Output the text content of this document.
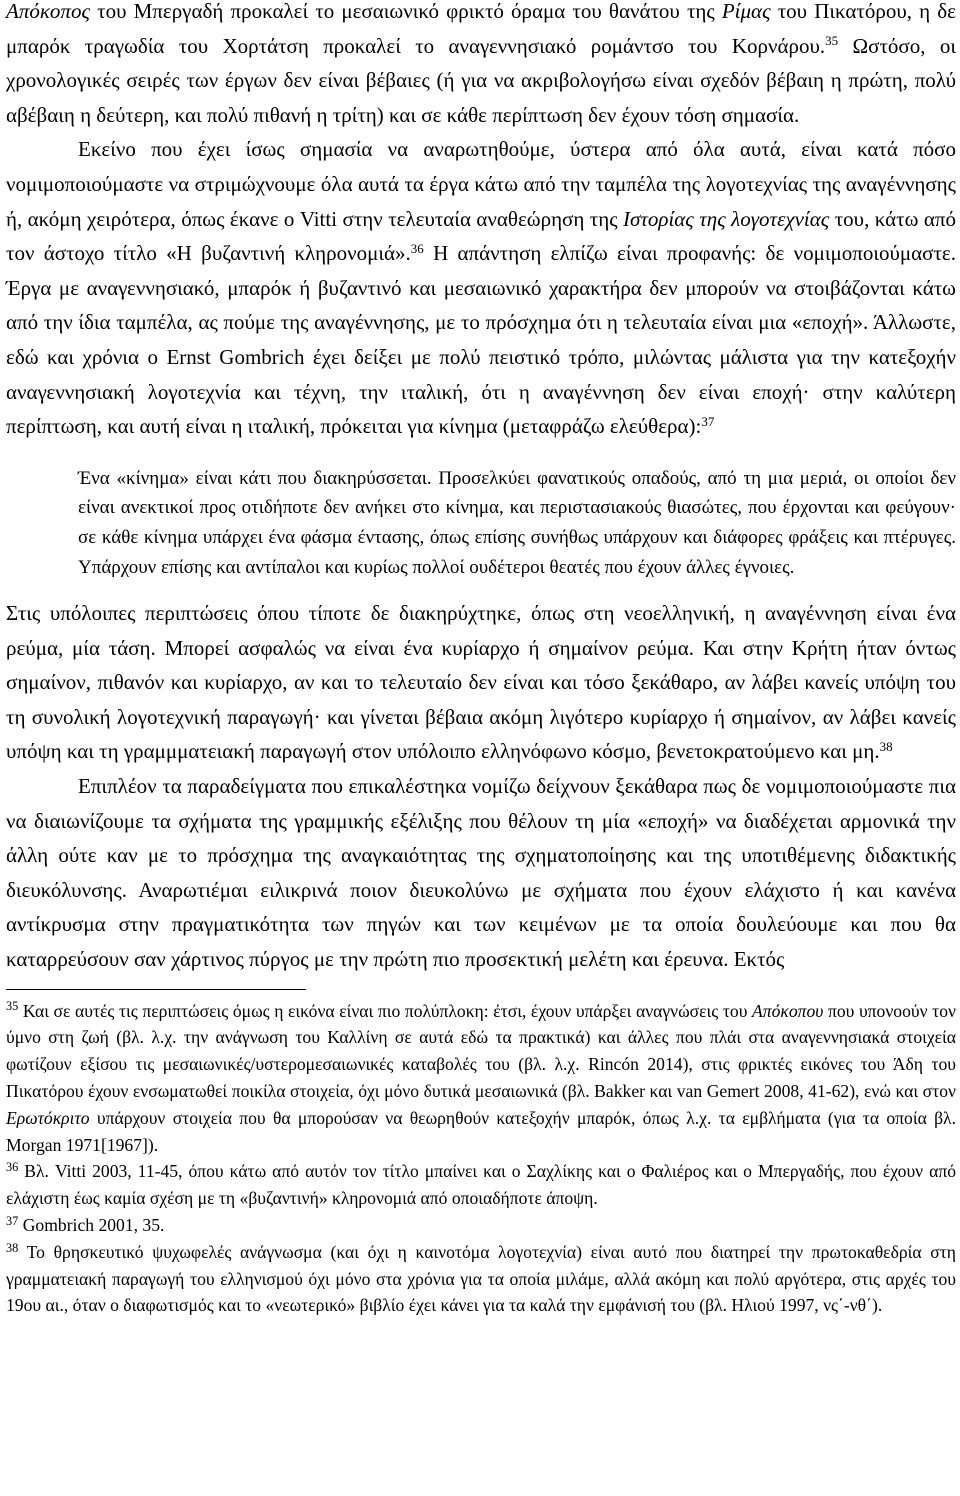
Απόκοπος του Μπεργαδή προκαλεί το μεσαιωνικό φρικτό όραμα του θανάτου της Ρίμας του Πικατόρου, η δε μπαρόκ τραγωδία του Χορτάτση προκαλεί το αναγεννησιακό ρομάντσο του Κορνάρου.$^{35}$ Ωστόσο, οι χρονολογικές σειρές των έργων δεν είναι βέβαιες (ή για να ακριβολογήσω είναι σχεδόν βέβαιη η πρώτη, πολύ αβέβαιη η δεύτερη, και πολύ πιθανή η τρίτη) και σε κάθε περίπτωση δεν έχουν τόση σημασία.

Εκείνο που έχει ίσως σημασία να αναρωτηθούμε, ύστερα από όλα αυτά, είναι κατά πόσο νομιμοποιούμαστε να στριμώχνουμε όλα αυτά τα έργα κάτω από την ταμπέλα της λογοτεχνίας της αναγέννησης ή, ακόμη χειρότερα, όπως έκανε ο Vitti στην τελευταία αναθεώρηση της Ιστορίας της λογοτεχνίας του, κάτω από τον άστοχο τίτλο «Η βυζαντινή κληρονομιά».$^{36}$ Η απάντηση ελπίζω είναι προφανής: δε νομιμοποιούμαστε. Έργα με αναγεννησιακό, μπαρόκ ή βυζαντινό και μεσαιωνικό χαρακτήρα δεν μπορούν να στοιβάζονται κάτω από την ίδια ταμπέλα, ας πούμε της αναγέννησης, με το πρόσχημα ότι η τελευταία είναι μια «εποχή». Άλλωστε, εδώ και χρόνια ο Ernst Gombrich έχει δείξει με πολύ πειστικό τρόπο, μιλώντας μάλιστα για την κατεξοχήν αναγεννησιακή λογοτεχνία και τέχνη, την ιταλική, ότι η αναγέννηση δεν είναι εποχή· στην καλύτερη περίπτωση, και αυτή είναι η ιταλική, πρόκειται για κίνημα (μεταφράζω ελεύθερα):$^{37}$

Ένα «κίνημα» είναι κάτι που διακηρύσσεται. Προσελκύει φανατικούς οπαδούς, από τη μια μεριά, οι οποίοι δεν είναι ανεκτικοί προς οτιδήποτε δεν ανήκει στο κίνημα, και περιστασιακούς θιασώτες, που έρχονται και φεύγουν· σε κάθε κίνημα υπάρχει ένα φάσμα έντασης, όπως επίσης συνήθως υπάρχουν και διάφορες φράξεις και πτέρυγες. Υπάρχουν επίσης και αντίπαλοι και κυρίως πολλοί ουδέτεροι θεατές που έχουν άλλες έγνοιες.

Στις υπόλοιπες περιπτώσεις όπου τίποτε δε διακηρύχτηκε, όπως στη νεοελληνική, η αναγέννηση είναι ένα ρεύμα, μία τάση. Μπορεί ασφαλώς να είναι ένα κυρίαρχο ή σημαίνον ρεύμα. Και στην Κρήτη ήταν όντως σημαίνον, πιθανόν και κυρίαρχο, αν και το τελευταίο δεν είναι και τόσο ξεκάθαρο, αν λάβει κανείς υπόψη του τη συνολική λογοτεχνική παραγωγή· και γίνεται βέβαια ακόμη λιγότερο κυρίαρχο ή σημαίνον, αν λάβει κανείς υπόψη και τη γραμμματειακή παραγωγή στον υπόλοιπο ελληνόφωνο κόσμο, βενετοκρατούμενο και μη.$^{38}$

Επιπλέον τα παραδείγματα που επικαλέστηκα νομίζω δείχνουν ξεκάθαρα πως δε νομιμοποιούμαστε πια να διαιωνίζουμε τα σχήματα της γραμμικής εξέλιξης που θέλουν τη μία «εποχή» να διαδέχεται αρμονικά την άλλη ούτε καν με το πρόσχημα της αναγκαιότητας της σχηματοποίησης και της υποτιθέμενης διδακτικής διευκόλυνσης. Αναρωτιέμαι ειλικρινά ποιον διευκολύνω με σχήματα που έχουν ελάχιστο ή και κανένα αντίκρυσμα στην πραγματικότητα των πηγών και των κειμένων με τα οποία δουλεύουμε και που θα καταρρεύσουν σαν χάρτινος πύργος με την πρώτη πιο προσεκτική μελέτη και έρευνα. Εκτός

$^{35}$ Και σε αυτές τις περιπτώσεις όμως η εικόνα είναι πιο πολύπλοκη: έτσι, έχουν υπάρξει αναγνώσεις του Απόκοπου που υπονοούν τον ύμνο στη ζωή (βλ. λ.χ. την ανάγνωση του Καλλίνη σε αυτά εδώ τα πρακτικά) και άλλες που πλάι στα αναγεννησιακά στοιχεία φωτίζουν εξίσου τις μεσαιωνικές/υστερομεσαιωνικές καταβολές του (βλ. λ.χ. Rincón 2014), στις φρικτές εικόνες του Άδη του Πικατόρου έχουν ενσωματωθεί ποικίλα στοιχεία, όχι μόνο δυτικά μεσαιωνικά (βλ. Bakker και van Gemert 2008, 41-62), ενώ και στον Ερωτόκριτο υπάρχουν στοιχεία που θα μπορούσαν να θεωρηθούν κατεξοχήν μπαρόκ, όπως λ.χ. τα εμβλήματα (για τα οποία βλ. Morgan 1971[1967]).

$^{36}$ Βλ. Vitti 2003, 11-45, όπου κάτω από αυτόν τον τίτλο μπαίνει και ο Σαχλίκης και ο Φαλιέρος και ο Μπεργαδής, που έχουν από ελάχιστη έως καμία σχέση με τη «βυζαντινή» κληρονομιά από οποιαδήποτε άποψη.

$^{37}$ Gombrich 2001, 35.

$^{38}$ Το θρησκευτικό ψυχωφελές ανάγνωσμα (και όχι η καινοτόμα λογοτεχνία) είναι αυτό που διατηρεί την πρωτοκαθεδρία στη γραμματειακή παραγωγή του ελληνισμού όχι μόνο στα χρόνια για τα οποία μιλάμε, αλλά ακόμη και πολύ αργότερα, στις αρχές του 19ου αι., όταν ο διαφωτισμός και το «νεωτερικό» βιβλίο έχει κάνει για τα καλά την εμφάνισή του (βλ. Ηλιού 1997, νς΄-νθ΄).
